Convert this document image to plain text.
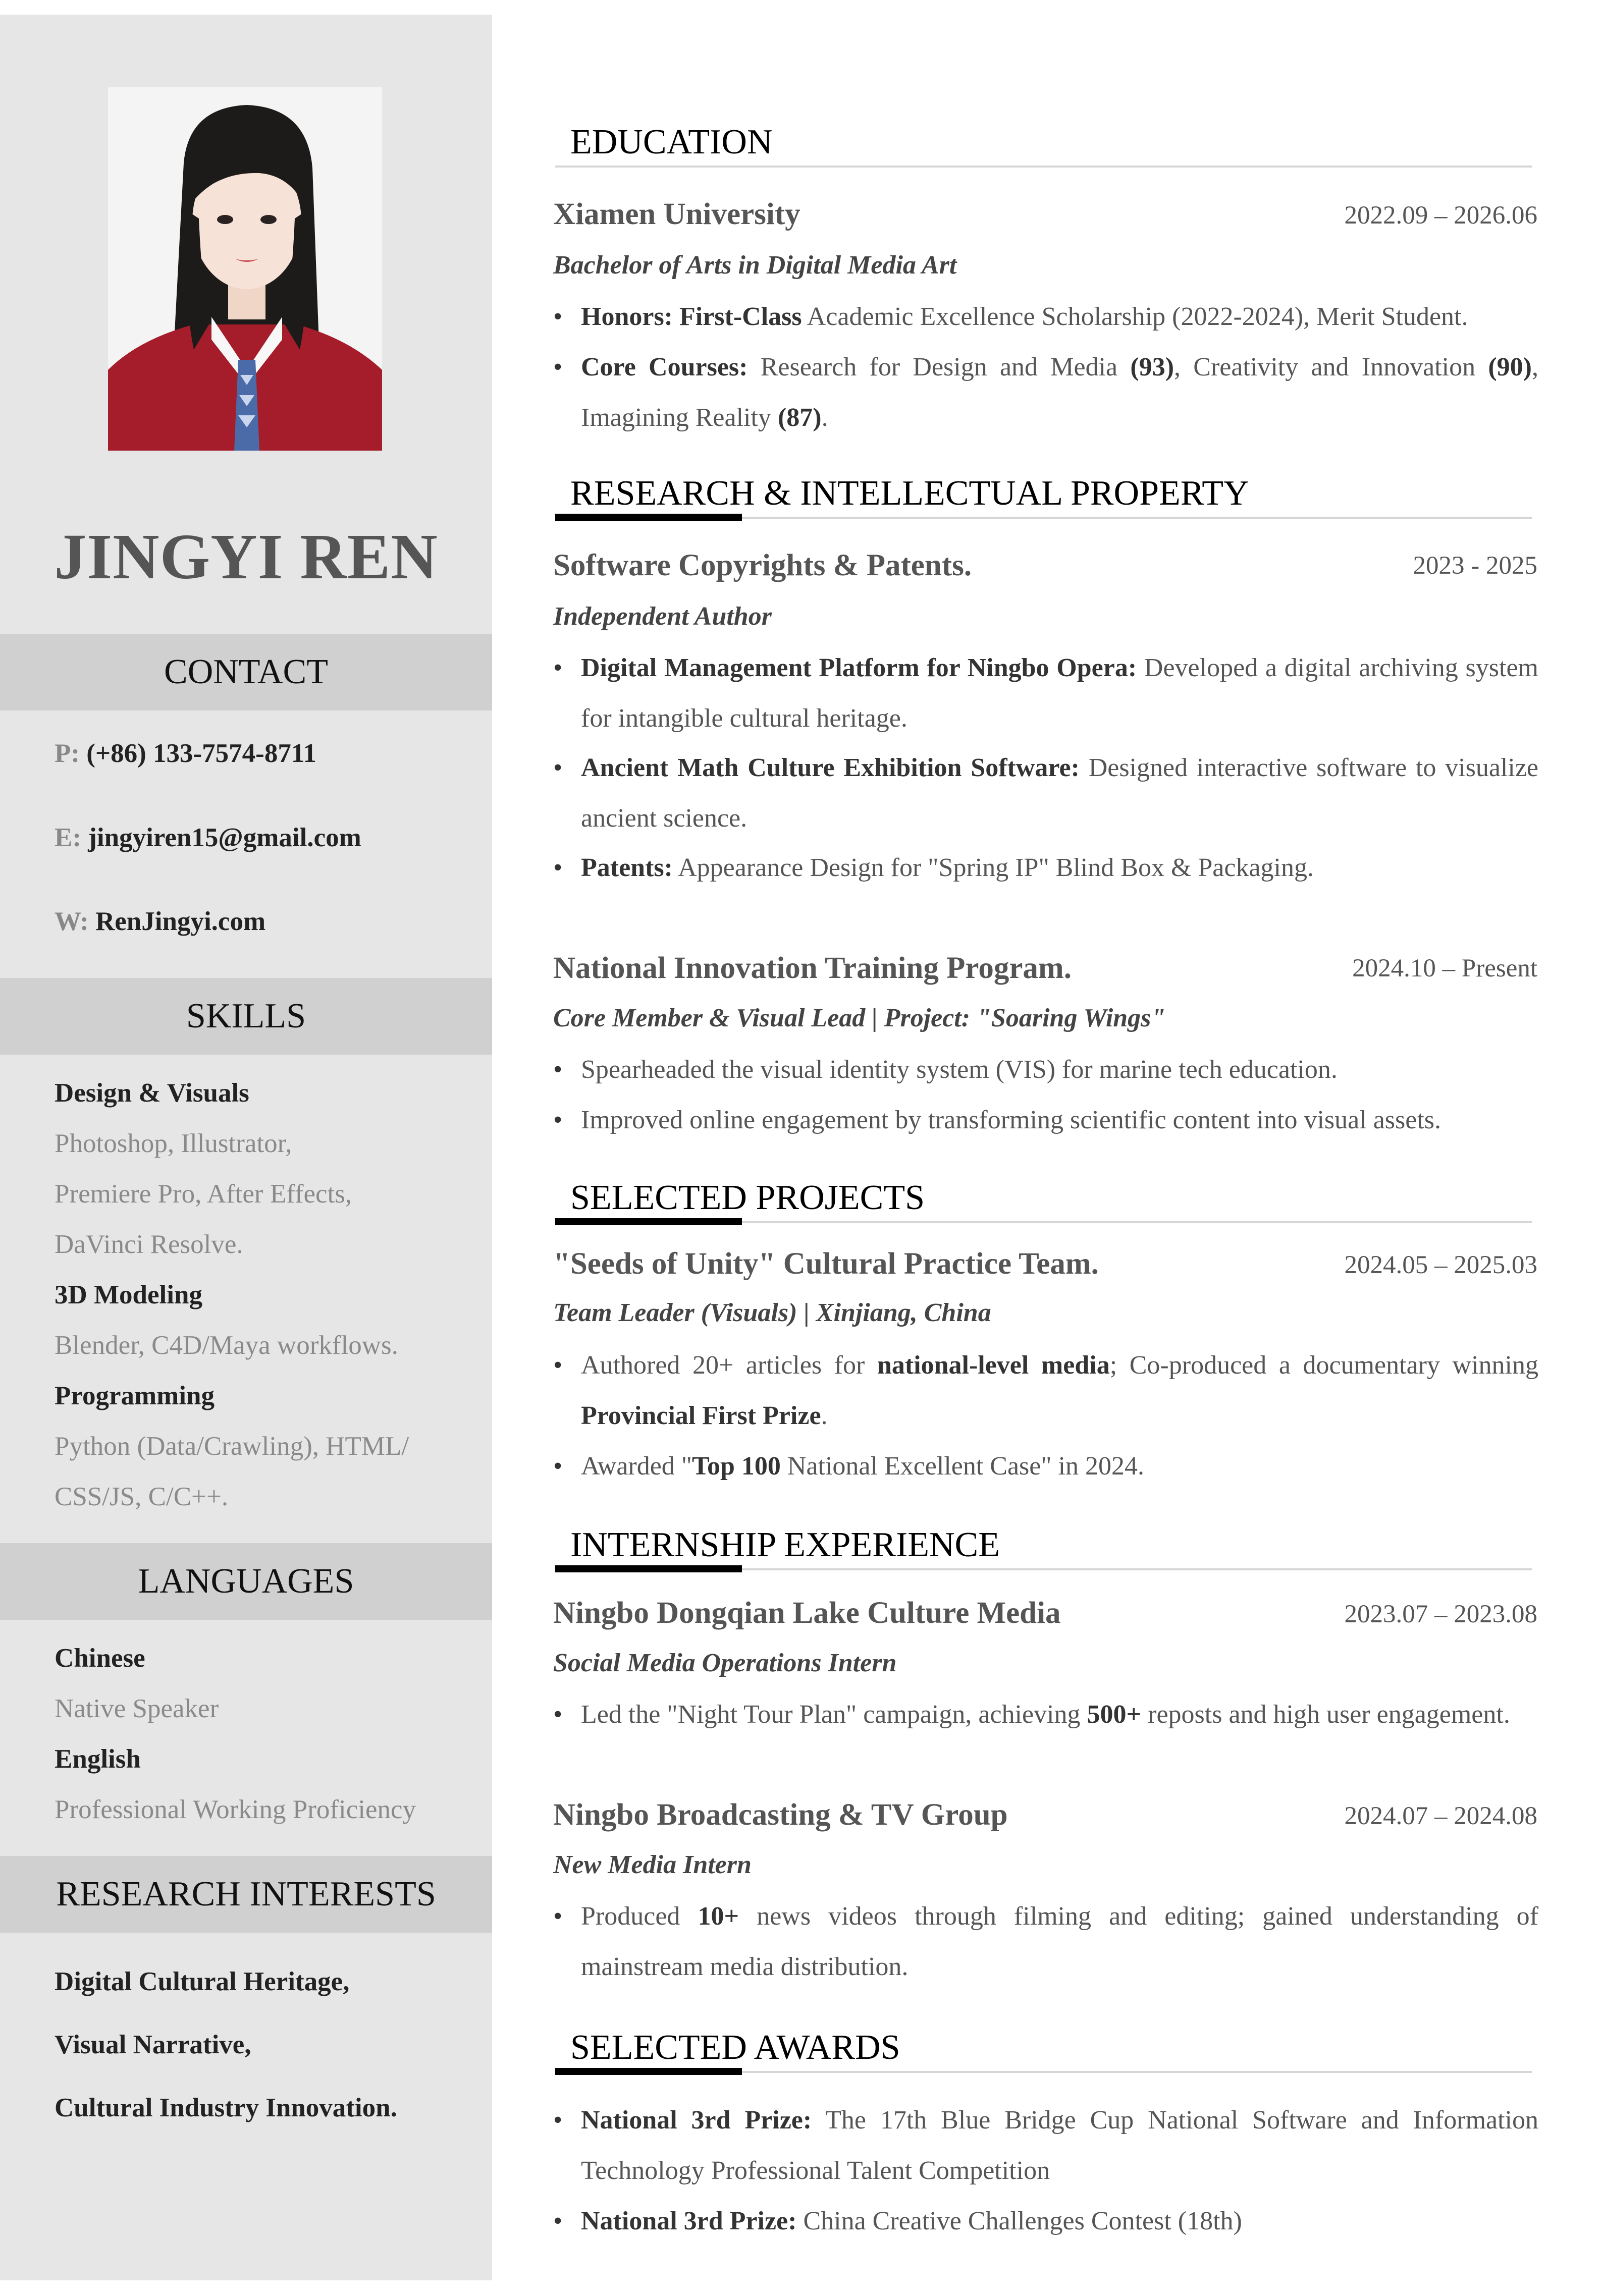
JINGYI REN
CONTACT
P: (+86) 133-7574-8711
E: jingyiren15@gmail.com
W: RenJingyi.com
SKILLS
Design & Visuals
Photoshop, Illustrator,
Premiere Pro, After Effects,
DaVinci Resolve.
3D Modeling
Blender, C4D/Maya workflows.
Programming
Python (Data/Crawling), HTML/
CSS/JS, C/C++.
LANGUAGES
Chinese
Native Speaker
English
Professional Working Proficiency
RESEARCH INTERESTS
Digital Cultural Heritage,
Visual Narrative,
Cultural Industry Innovation.
EDUCATION
Xiamen University	2022.09 – 2026.06
Bachelor of Arts in Digital Media Art
• Honors: First-Class Academic Excellence Scholarship (2022-2024), Merit Student.
• Core Courses: Research for Design and Media (93), Creativity and Innovation (90), Imagining Reality (87).
RESEARCH & INTELLECTUAL PROPERTY
Software Copyrights & Patents.	2023 - 2025
Independent Author
• Digital Management Platform for Ningbo Opera: Developed a digital archiving system for intangible cultural heritage.
• Ancient Math Culture Exhibition Software: Designed interactive software to visualize ancient science.
• Patents: Appearance Design for "Spring IP" Blind Box & Packaging.
National Innovation Training Program.	2024.10 – Present
Core Member & Visual Lead | Project: "Soaring Wings"
• Spearheaded the visual identity system (VIS) for marine tech education.
• Improved online engagement by transforming scientific content into visual assets.
SELECTED PROJECTS
"Seeds of Unity" Cultural Practice Team.	2024.05 – 2025.03
Team Leader (Visuals) | Xinjiang, China
• Authored 20+ articles for national-level media; Co-produced a documentary winning Provincial First Prize.
• Awarded "Top 100 National Excellent Case" in 2024.
INTERNSHIP EXPERIENCE
Ningbo Dongqian Lake Culture Media	2023.07 – 2023.08
Social Media Operations Intern
• Led the "Night Tour Plan" campaign, achieving 500+ reposts and high user engagement.
Ningbo Broadcasting & TV Group	2024.07 – 2024.08
New Media Intern
• Produced 10+ news videos through filming and editing; gained understanding of mainstream media distribution.
SELECTED AWARDS
• National 3rd Prize: The 17th Blue Bridge Cup National Software and Information Technology Professional Talent Competition
• National 3rd Prize: China Creative Challenges Contest (18th)
